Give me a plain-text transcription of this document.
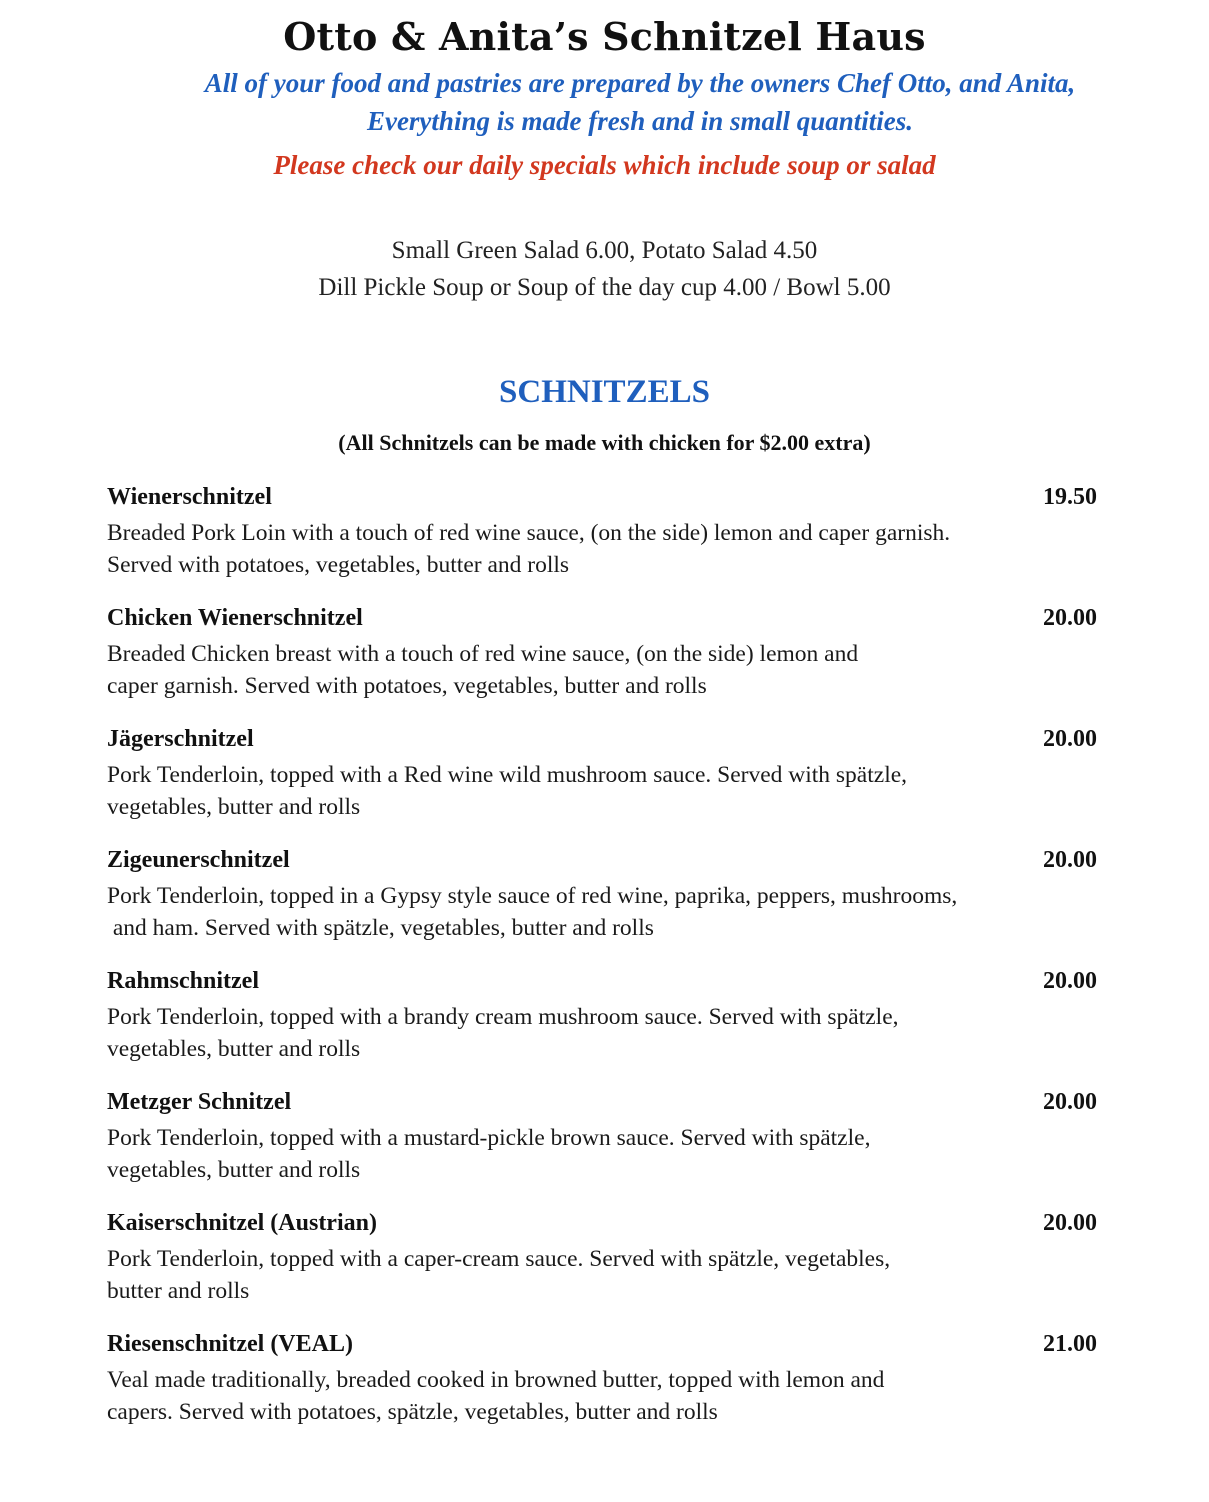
Otto & Anita’s Schnitzel Haus
All of your food and pastries are prepared by the owners Chef Otto, and Anita,
Everything is made fresh and in small quantities.
Please check our daily specials which include soup or salad
Small Green Salad 6.00, Potato Salad 4.50
Dill Pickle Soup or Soup of the day cup 4.00 / Bowl 5.00
SCHNITZELS
(All Schnitzels can be made with chicken for $2.00 extra)
Wienerschnitzel	19.50
Breaded Pork Loin with a touch of red wine sauce, (on the side) lemon and caper garnish.
Served with potatoes, vegetables, butter and rolls
Chicken Wienerschnitzel	20.00
Breaded Chicken breast with a touch of red wine sauce, (on the side) lemon and
caper garnish. Served with potatoes, vegetables, butter and rolls
Jägerschnitzel	20.00
Pork Tenderloin, topped with a Red wine wild mushroom sauce. Served with spätzle,
vegetables, butter and rolls
Zigeunerschnitzel	20.00
Pork Tenderloin, topped in a Gypsy style sauce of red wine, paprika, peppers, mushrooms,
and ham. Served with spätzle, vegetables, butter and rolls
Rahmschnitzel	20.00
Pork Tenderloin, topped with a brandy cream mushroom sauce. Served with spätzle,
vegetables, butter and rolls
Metzger Schnitzel	20.00
Pork Tenderloin, topped with a mustard-pickle brown sauce. Served with spätzle,
vegetables, butter and rolls
Kaiserschnitzel (Austrian)	20.00
Pork Tenderloin, topped with a caper-cream sauce. Served with spätzle, vegetables,
butter and rolls
Riesenschnitzel (VEAL)	21.00
Veal made traditionally, breaded cooked in browned butter, topped with lemon and
capers. Served with potatoes, spätzle, vegetables, butter and rolls
